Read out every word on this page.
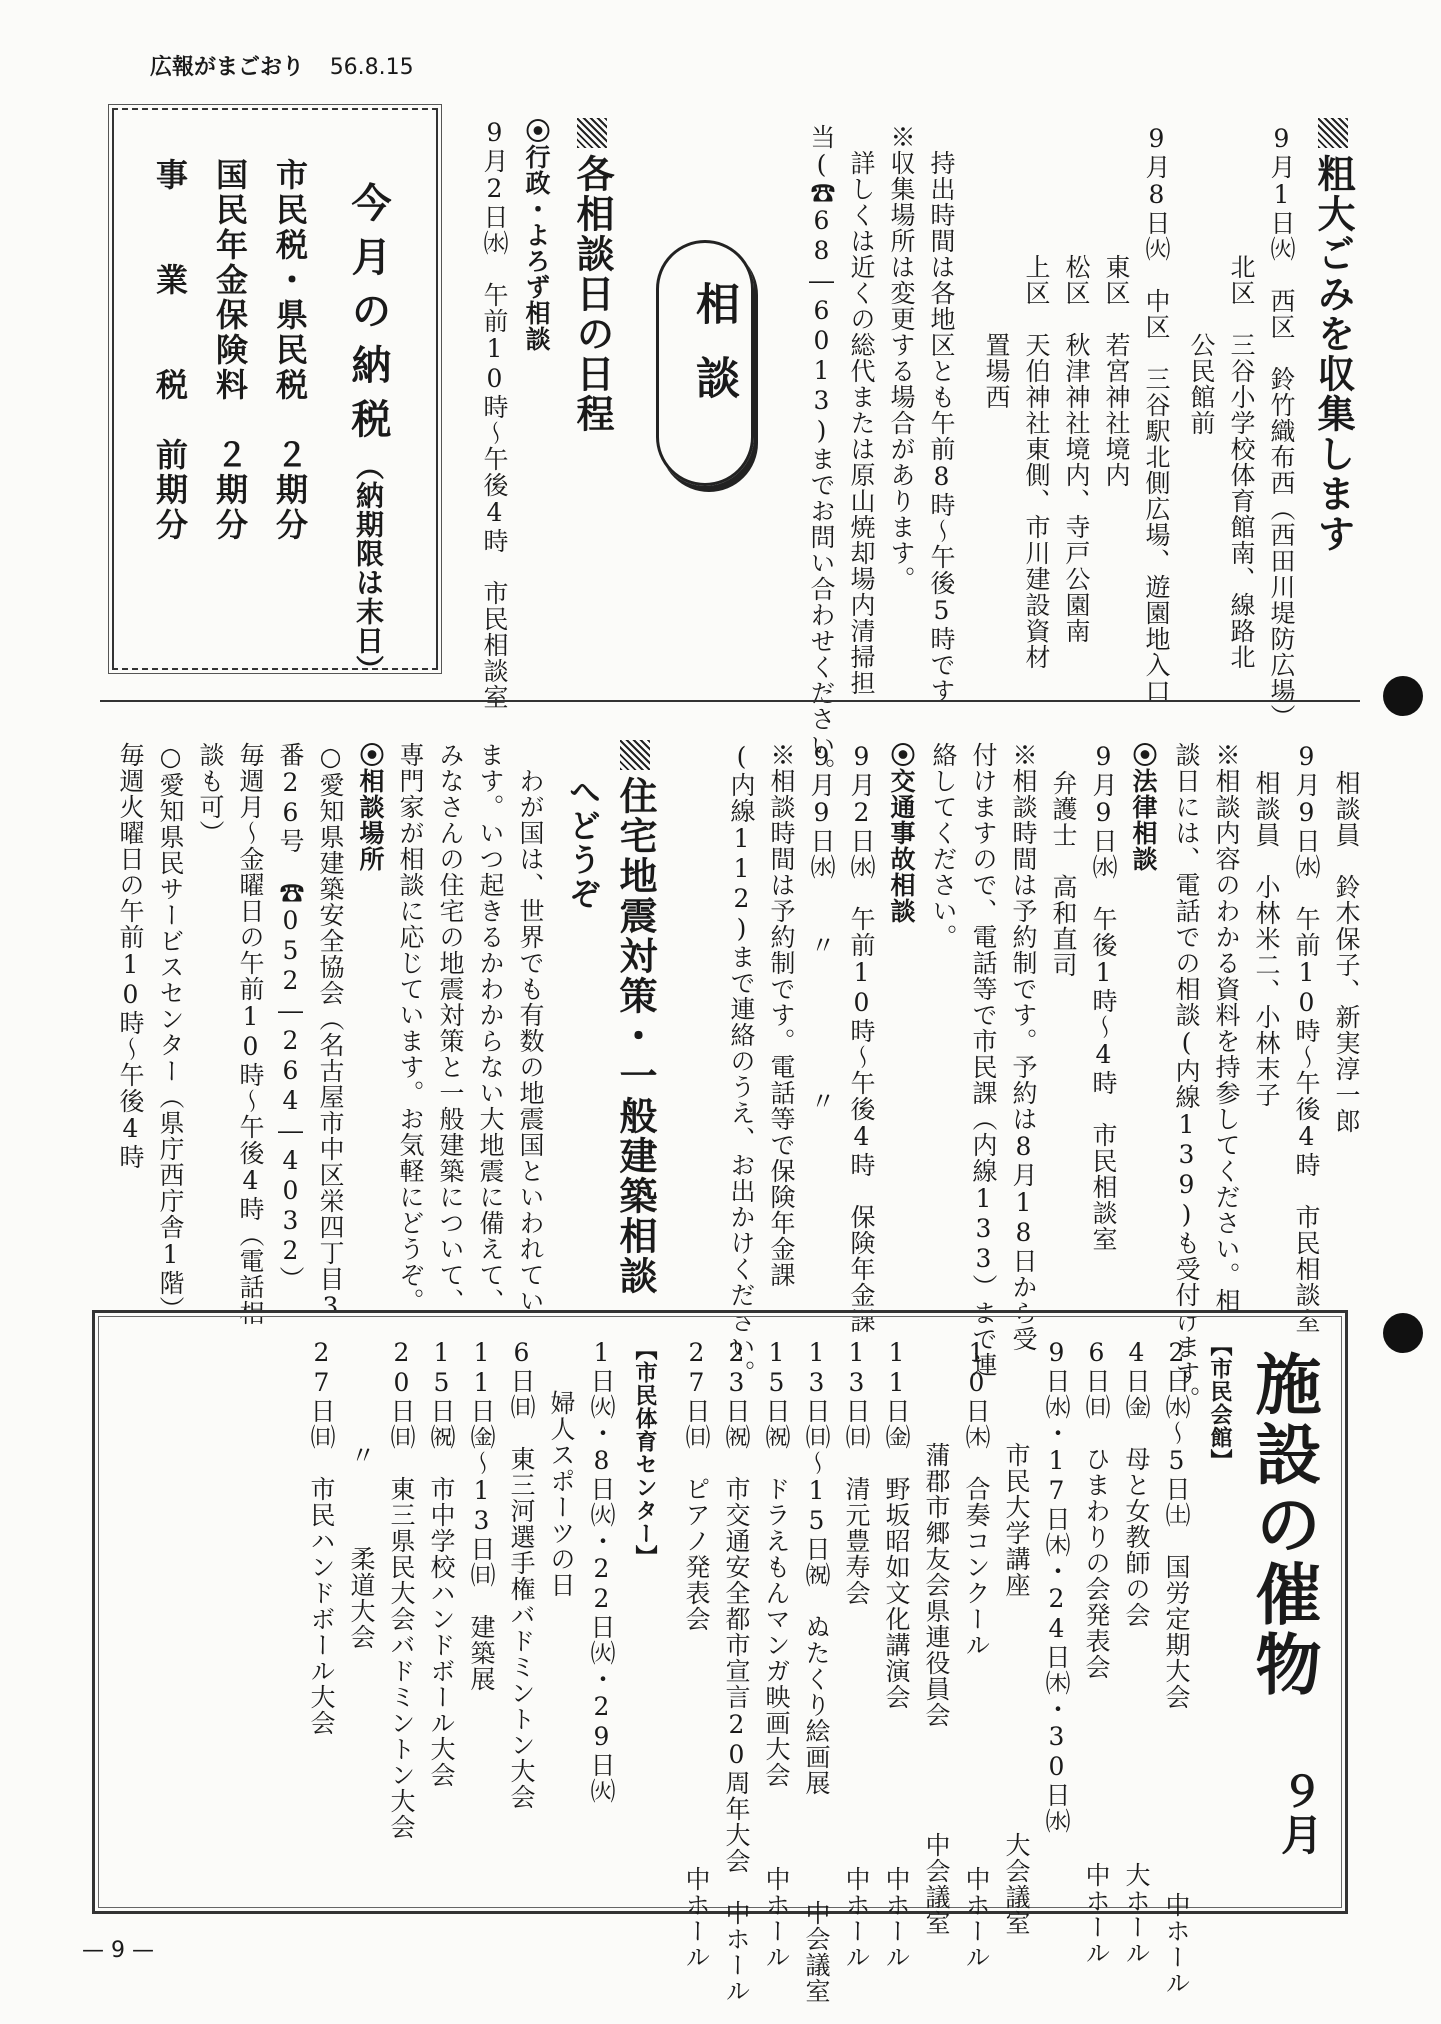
広報がまごおり 56.8.15
粗大ごみを収集します
9月1日㈫　西区　鈴竹織布西（西田川堤防広場）
　　　　　北区　三谷小学校体育館南、線路北
　　　　　　　　公民館前
9月8日㈫　中区　三谷駅北側広場、遊園地入口
　　　　　東区　若宮神社境内
　　　　　松区　秋津神社境内、寺戸公園南
　　　　　上区　天伯神社東側、市川建設資材
　　　　　　　　置場西
　持出時間は各地区とも午前8時〜午後5時です
※収集場所は変更する場合があります。
　詳しくは近くの総代または原山焼却場内清掃担
当(☎68―6013)までお問い合わせください。
相談
各相談日の日程
⦿行政・よろず相談
9月2日㈬　午前10時〜午後4時　市民相談室
今月の納税（納期限は末日）
市民税・県民税　２期分
国民年金保険料　２期分
事　　業　　税　前期分
相談員　鈴木保子、新実淳一郎
9月9日㈬　午前10時〜午後4時　市民相談室
相談員　小林米二、小林末子
※相談内容のわかる資料を持参してください。相
談日には、電話での相談(内線139)も受付けます。
⦿法律相談
9月9日㈬　午後1時〜4時　市民相談室
弁護士　高和直司
※相談時間は予約制です。予約は8月18日から受
付けますので、電話等で市民課（内線133）まで連
絡してください。
⦿交通事故相談
9月2日㈬　午前10時〜午後4時　保険年金課
9月9日㈬　　〃　　　　　〃
※相談時間は予約制です。電話等で保険年金課
(内線112)まで連絡のうえ、お出かけください。
住宅地震対策・一般建築相談
へどうぞ
　わが国は、世界でも有数の地震国といわれてい
ます。いつ起きるかわからない大地震に備えて、
みなさんの住宅の地震対策と一般建築について、
専門家が相談に応じています。お気軽にどうぞ。
⦿相談場所
○愛知県建築安全協会（名古屋市中区栄四丁目3
番26号　☎052―264―4032）
毎週月〜金曜日の午前10時〜午後4時（電話相
談も可）
○愛知県民サービスセンター（県庁西庁舎1階）
毎週火曜日の午前10時〜午後4時
施設の催物
９月
【市民会館】
2日㈬〜5日㈯　国労定期大会　　　　　　　中ホール
4日㈮　母と女教師の会　　　　　　　　　大ホール
6日㈰　ひまわりの会発表会　　　　　　　中ホール
9日㈬・17日㈭・24日㈭・30日㈬
　　　　市民大学講座　　　　　　　　　大会議室
10日㈭　合奏コンクール　　　　　　　　中ホール
　　　　蒲郡市郷友会県連役員会　　　　中会議室
11日㈮　野坂昭如文化講演会　　　　　　中ホール
13日㈰　清元豊寿会　　　　　　　　　　中ホール
13日㈰〜15日㈷　ぬたくり絵画展　　　　中会議室
15日㈷　ドラえもんマンガ映画大会　　　中ホール
23日㈷　市交通安全都市宣言20周年大会　中ホール
27日㈰　ピアノ発表会　　　　　　　　　中ホール
【市民体育センター】
1日㈫・8日㈫・22日㈫・29日㈫
　　婦人スポーツの日
6日㈰　東三河選手権バドミントン大会
11日㈮〜13日㈰　建築展
15日㈷　市中学校ハンドボール大会
20日㈰　東三県民大会バドミントン大会
　　　　〃　　　柔道大会
27日㈰　市民ハンドボール大会
— 9 —
